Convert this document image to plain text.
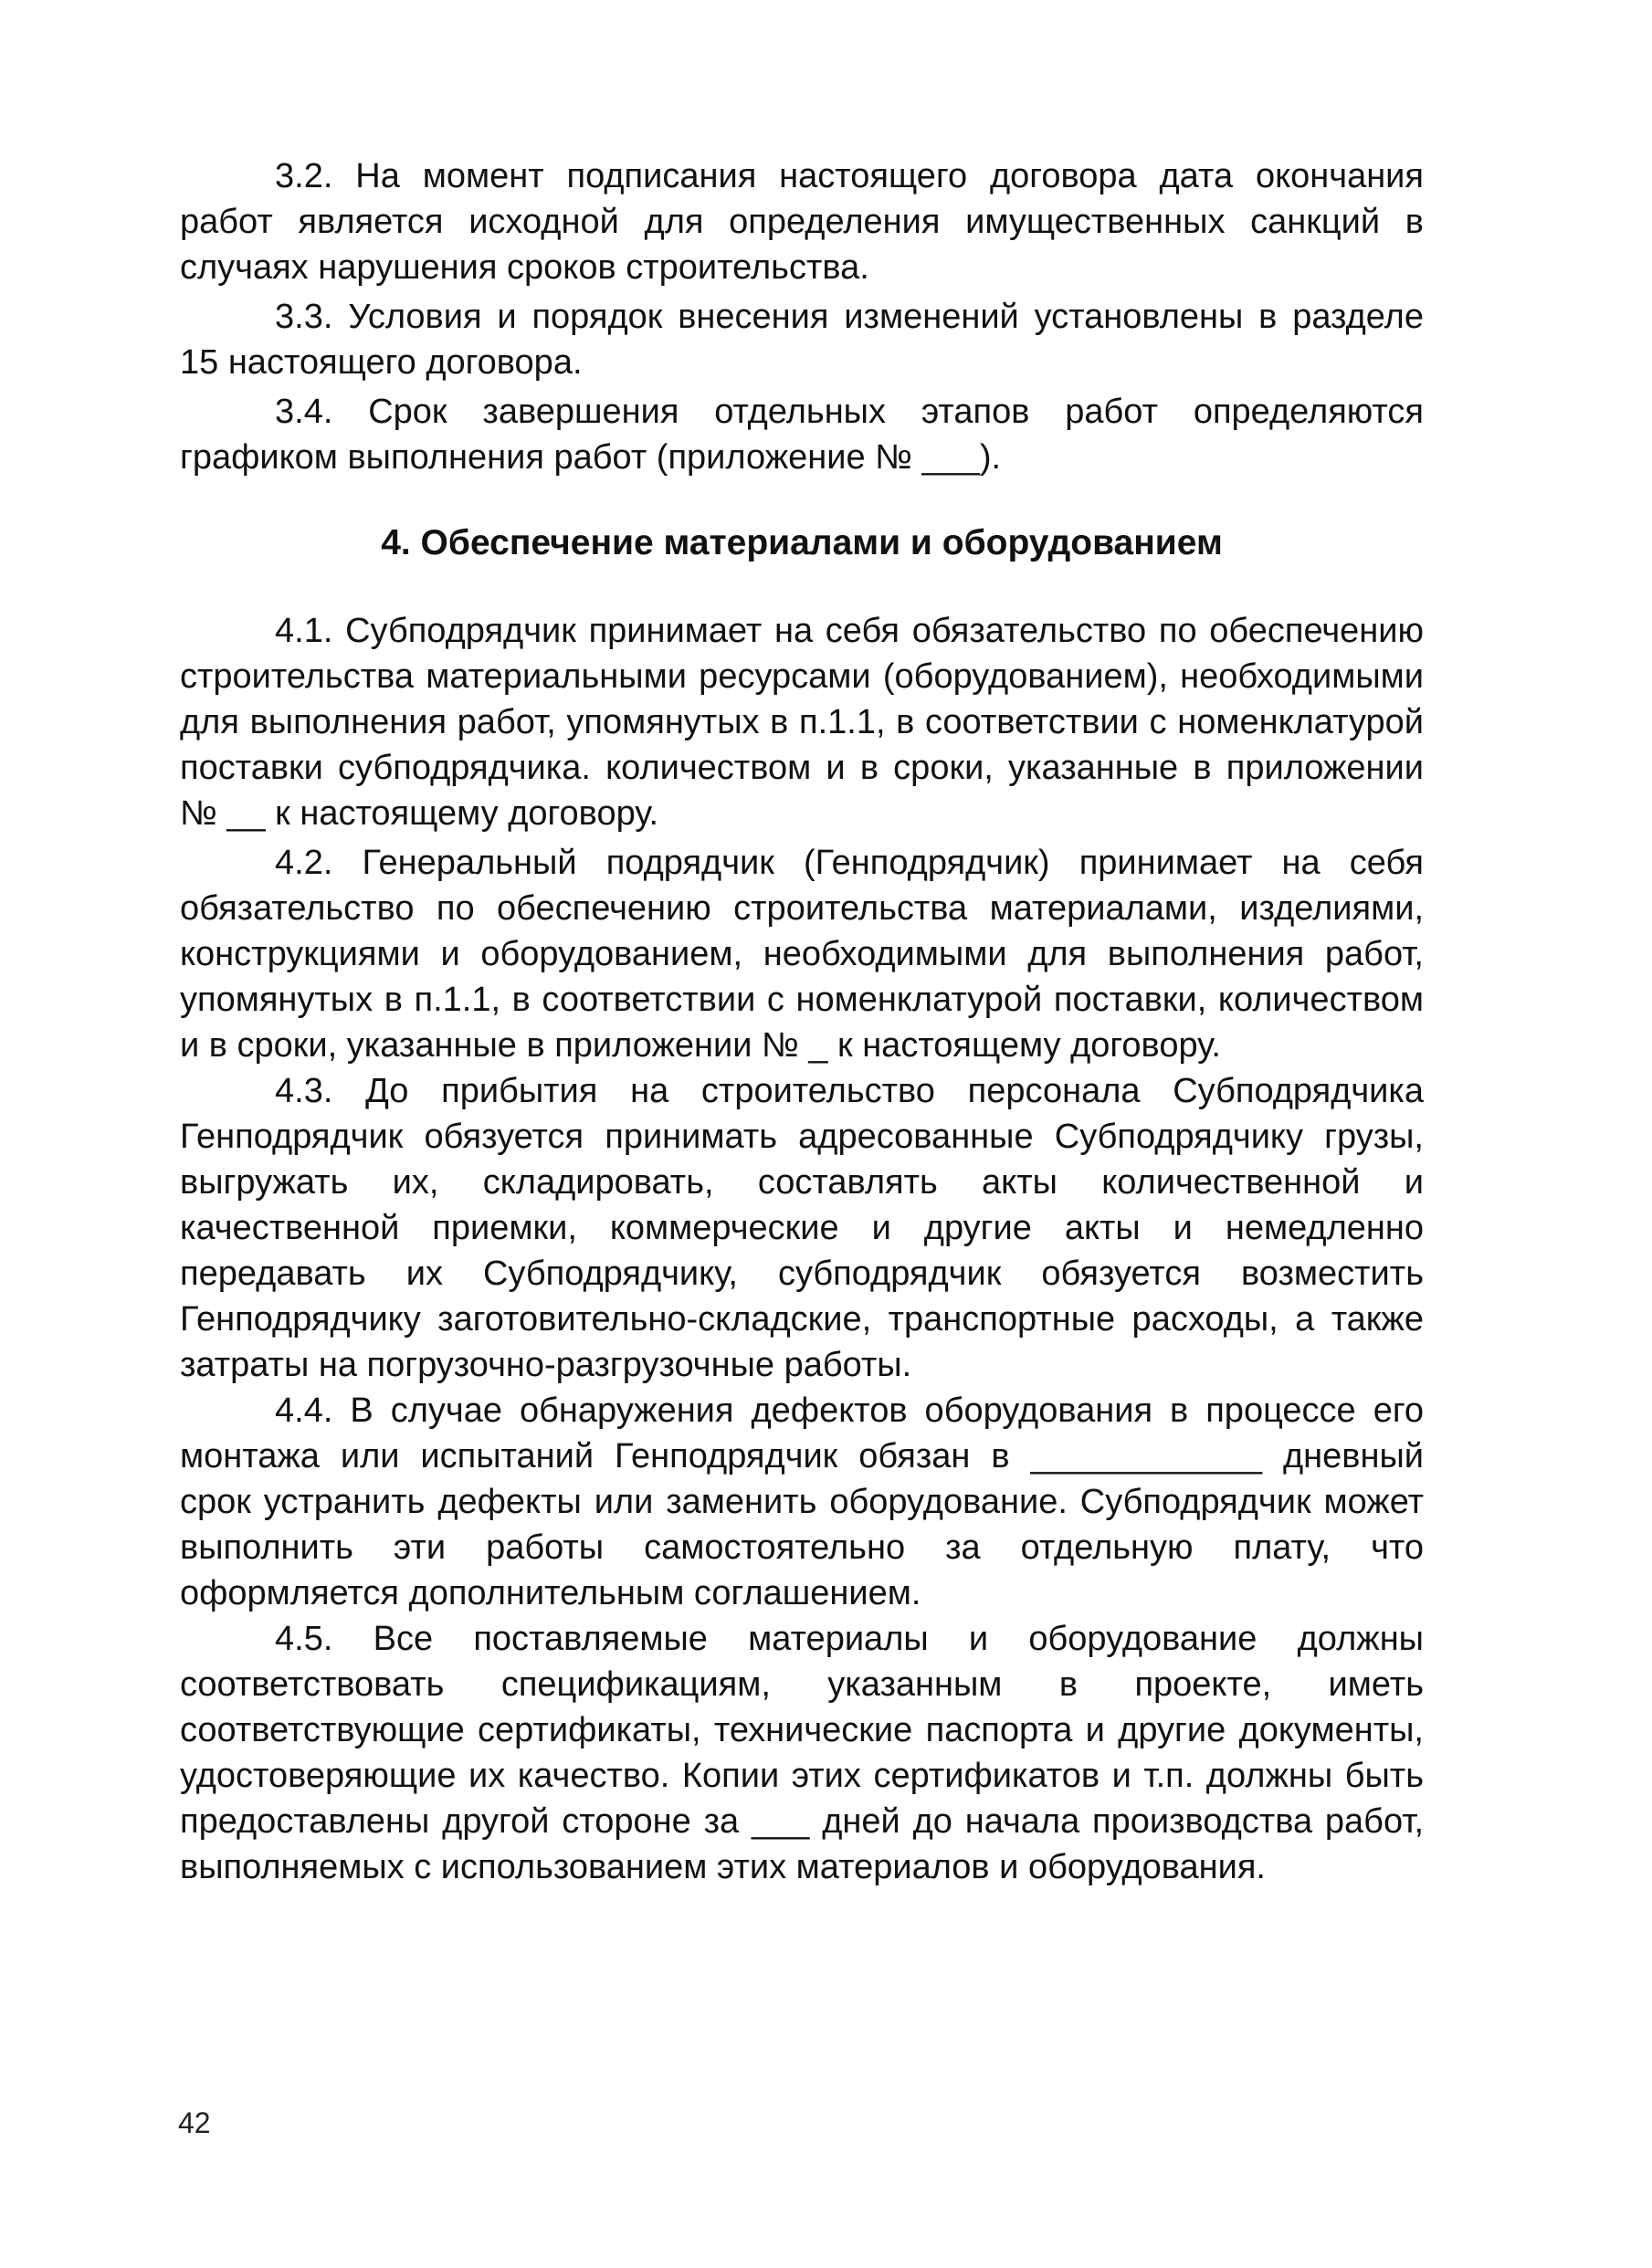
3.2. На момент подписания настоящего договора дата окончания работ является исходной для определения имущественных санкций в случаях нарушения сроков строительства.

3.3. Условия и порядок внесения изменений установлены в разделе 15 настоящего договора.

3.4. Срок завершения отдельных этапов работ определяются графиком выполнения работ (приложение № ___).

4. Обеспечение материалами и оборудованием

4.1. Субподрядчик принимает на себя обязательство по обеспечению строительства материальными ресурсами (оборудованием), необходимыми для выполнения работ, упомянутых в п.1.1, в соответствии с номенклатурой поставки субподрядчика. количеством и в сроки, указанные в приложении № __ к настоящему договору.

4.2. Генеральный подрядчик (Генподрядчик) принимает на себя обязательство по обеспечению строительства материалами, изделиями, конструкциями и оборудованием, необходимыми для выполнения работ, упомянутых в п.1.1, в соответствии с номенклатурой поставки, количеством и в сроки, указанные в приложении № _ к настоящему договору.

4.3. До прибытия на строительство персонала Субподрядчика Генподрядчик обязуется принимать адресованные Субподрядчику грузы, выгружать их, складировать, составлять акты количественной и качественной приемки, коммерческие и другие акты и немедленно передавать их Субподрядчику, субподрядчик обязуется возместить Генподрядчику заготовительно-складские, транспортные расходы, а также затраты на погрузочно-разгрузочные работы.

4.4. В случае обнаружения дефектов оборудования в процессе его монтажа или испытаний Генподрядчик обязан в ____________ дневный срок устранить дефекты или заменить оборудование. Субподрядчик может выполнить эти работы самостоятельно за отдельную плату, что оформляется дополнительным соглашением.

4.5. Все поставляемые материалы и оборудование должны соответствовать спецификациям, указанным в проекте, иметь соответствующие сертификаты, технические паспорта и другие документы, удостоверяющие их качество. Копии этих сертификатов и т.п. должны быть предоставлены другой стороне за ___ дней до начала производства работ, выполняемых с использованием этих материалов и оборудования.

42
